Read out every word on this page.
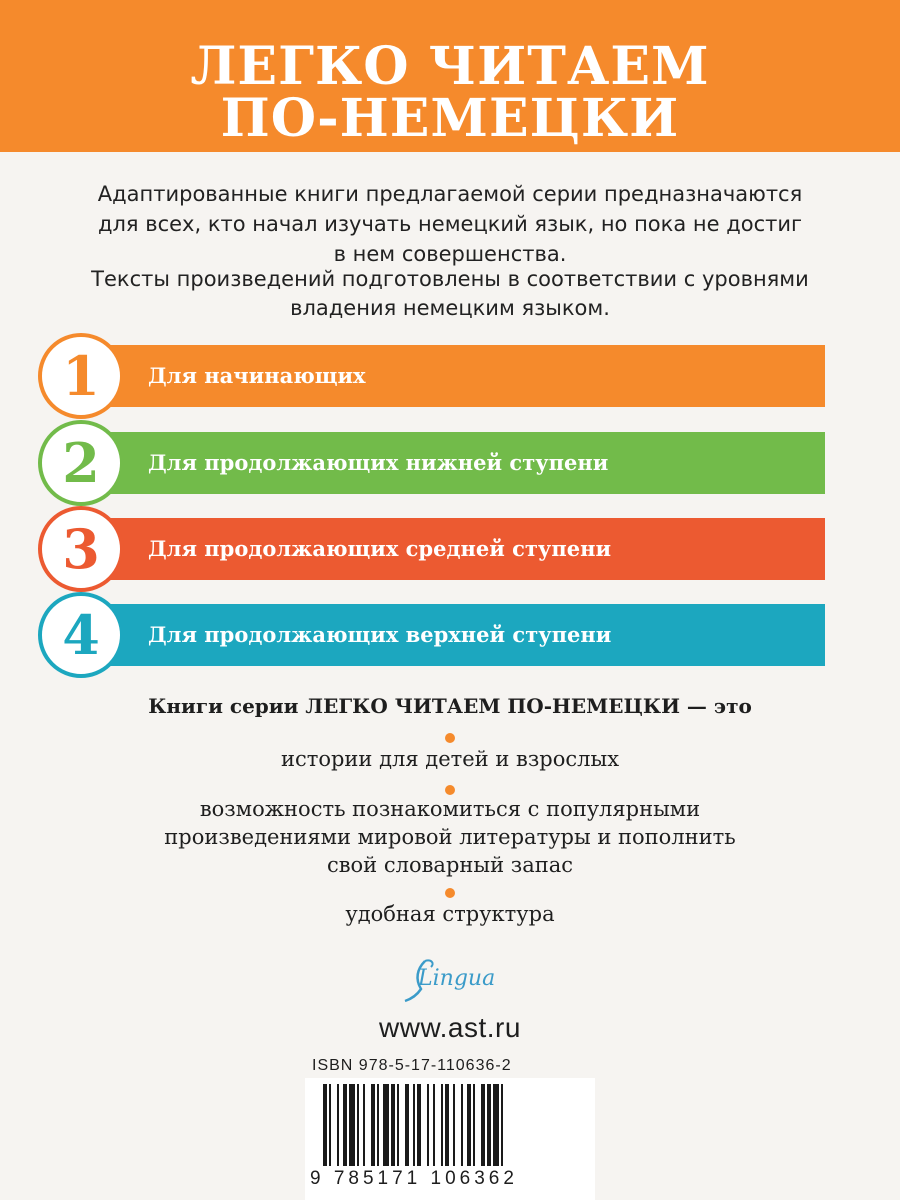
ЛЕГКО ЧИТАЕМ
ПО-НЕМЕЦКИ
Адаптированные книги предлагаемой серии предназначаются
для всех, кто начал изучать немецкий язык, но пока не достиг
в нем совершенства.
Тексты произведений подготовлены в соответствии с уровнями
владения немецким языком.
Для начинающих
1
Для продолжающих нижней ступени
2
Для продолжающих средней ступени
3
Для продолжающих верхней ступени
4
Книги серии ЛЕГКО ЧИТАЕМ ПО-НЕМЕЦКИ — это
истории для детей и взрослых
возможность познакомиться с популярными
произведениями мировой литературы и пополнить
свой словарный запас
удобная структура
Lingua
www.ast.ru
ISBN 978-5-17-110636-2
9 785171 106362
